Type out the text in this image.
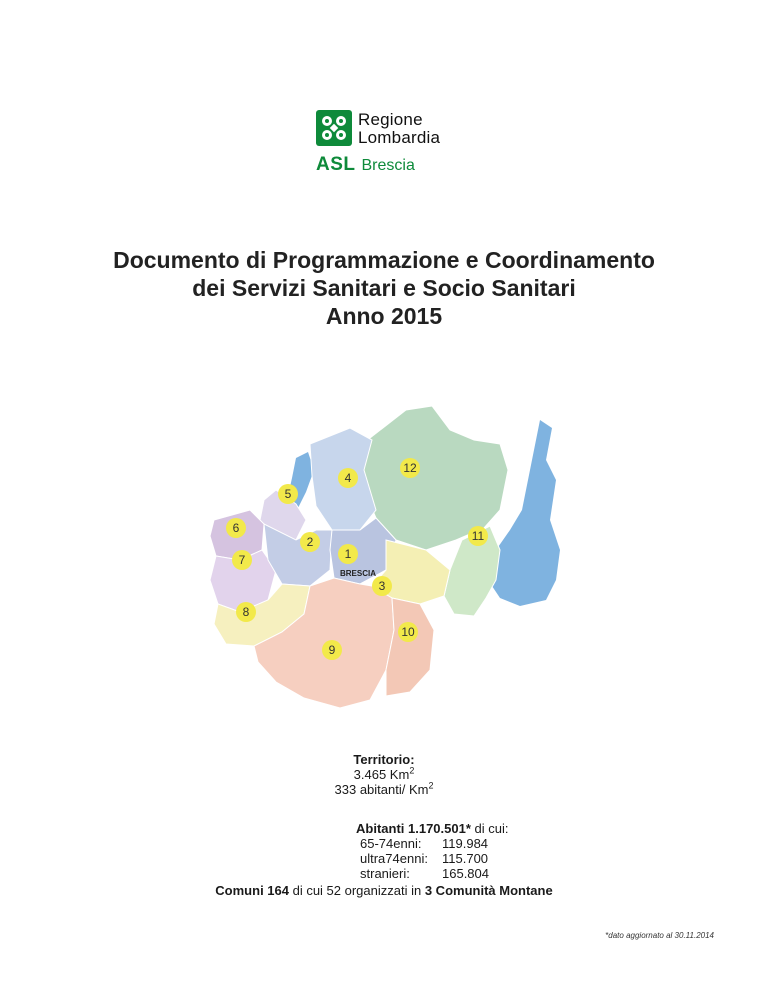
Regione
Lombardia
ASL Brescia
Documento di Programmazione e Coordinamento
dei Servizi Sanitari e Socio Sanitari
Anno 2015
1
2
3
4
5
6
7
8
9
10
11
12
BRESCIA
Territorio:
3.465 Km$^2$
333 abitanti/ Km$^2$
Abitanti 1.170.501* di cui:
65-74enni: 119.984
ultra74enni: 115.700
stranieri: 165.804
Comuni 164 di cui 52 organizzati in 3 Comunità Montane
*dato aggiornato al 30.11.2014
